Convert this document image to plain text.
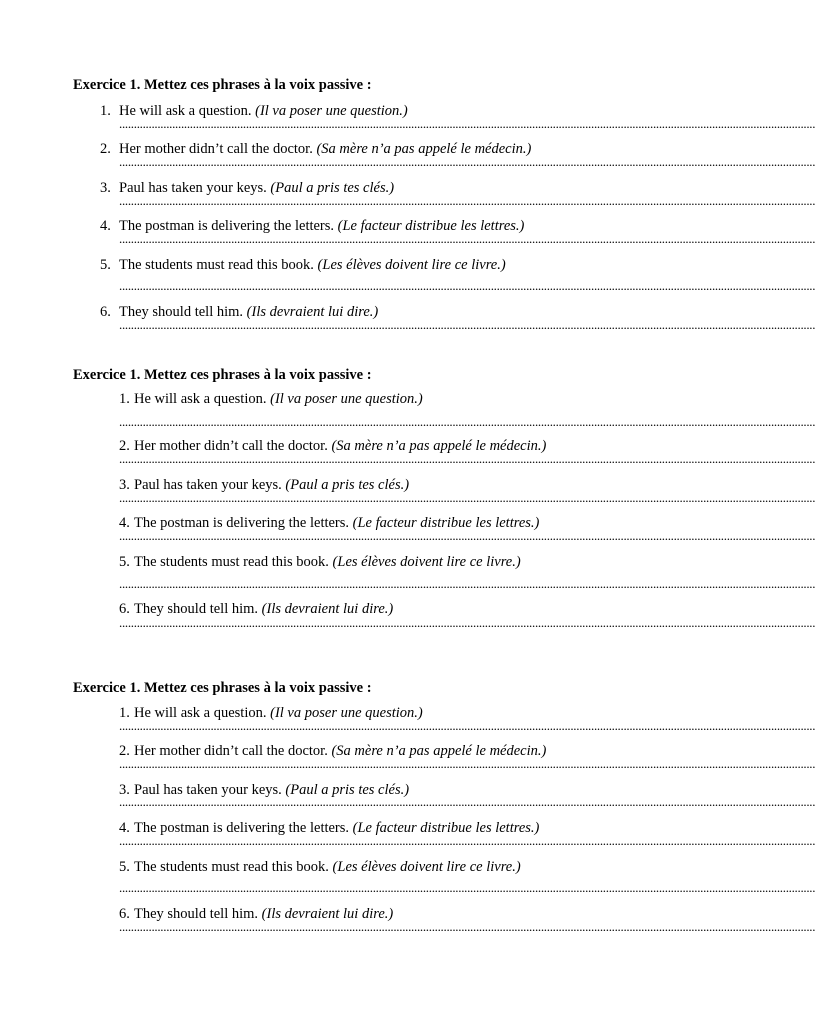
Exercice 1. Mettez ces phrases à la voix passive :
1. He will ask a question. (Il va poser une question.)
............................................................................................................................................................................................................................................
2. Her mother didn’t call the doctor. (Sa mère n’a pas appelé le médecin.)
............................................................................................................................................................................................................................................
3. Paul has taken your keys. (Paul a pris tes clés.)
............................................................................................................................................................................................................................................
4. The postman is delivering the letters. (Le facteur distribue les lettres.)
............................................................................................................................................................................................................................................
5. The students must read this book. (Les élèves doivent lire ce livre.)
............................................................................................................................................................................................................................................
6. They should tell him. (Ils devraient lui dire.)
............................................................................................................................................................................................................................................
Exercice 1. Mettez ces phrases à la voix passive :
1. He will ask a question. (Il va poser une question.)
............................................................................................................................................................................................................................................
2. Her mother didn’t call the doctor. (Sa mère n’a pas appelé le médecin.)
............................................................................................................................................................................................................................................
3. Paul has taken your keys. (Paul a pris tes clés.)
............................................................................................................................................................................................................................................
4. The postman is delivering the letters. (Le facteur distribue les lettres.)
............................................................................................................................................................................................................................................
5. The students must read this book. (Les élèves doivent lire ce livre.)
............................................................................................................................................................................................................................................
6. They should tell him. (Ils devraient lui dire.)
............................................................................................................................................................................................................................................
Exercice 1. Mettez ces phrases à la voix passive :
1. He will ask a question. (Il va poser une question.)
............................................................................................................................................................................................................................................
2. Her mother didn’t call the doctor. (Sa mère n’a pas appelé le médecin.)
............................................................................................................................................................................................................................................
3. Paul has taken your keys. (Paul a pris tes clés.)
............................................................................................................................................................................................................................................
4. The postman is delivering the letters. (Le facteur distribue les lettres.)
............................................................................................................................................................................................................................................
5. The students must read this book. (Les élèves doivent lire ce livre.)
............................................................................................................................................................................................................................................
6. They should tell him. (Ils devraient lui dire.)
............................................................................................................................................................................................................................................
